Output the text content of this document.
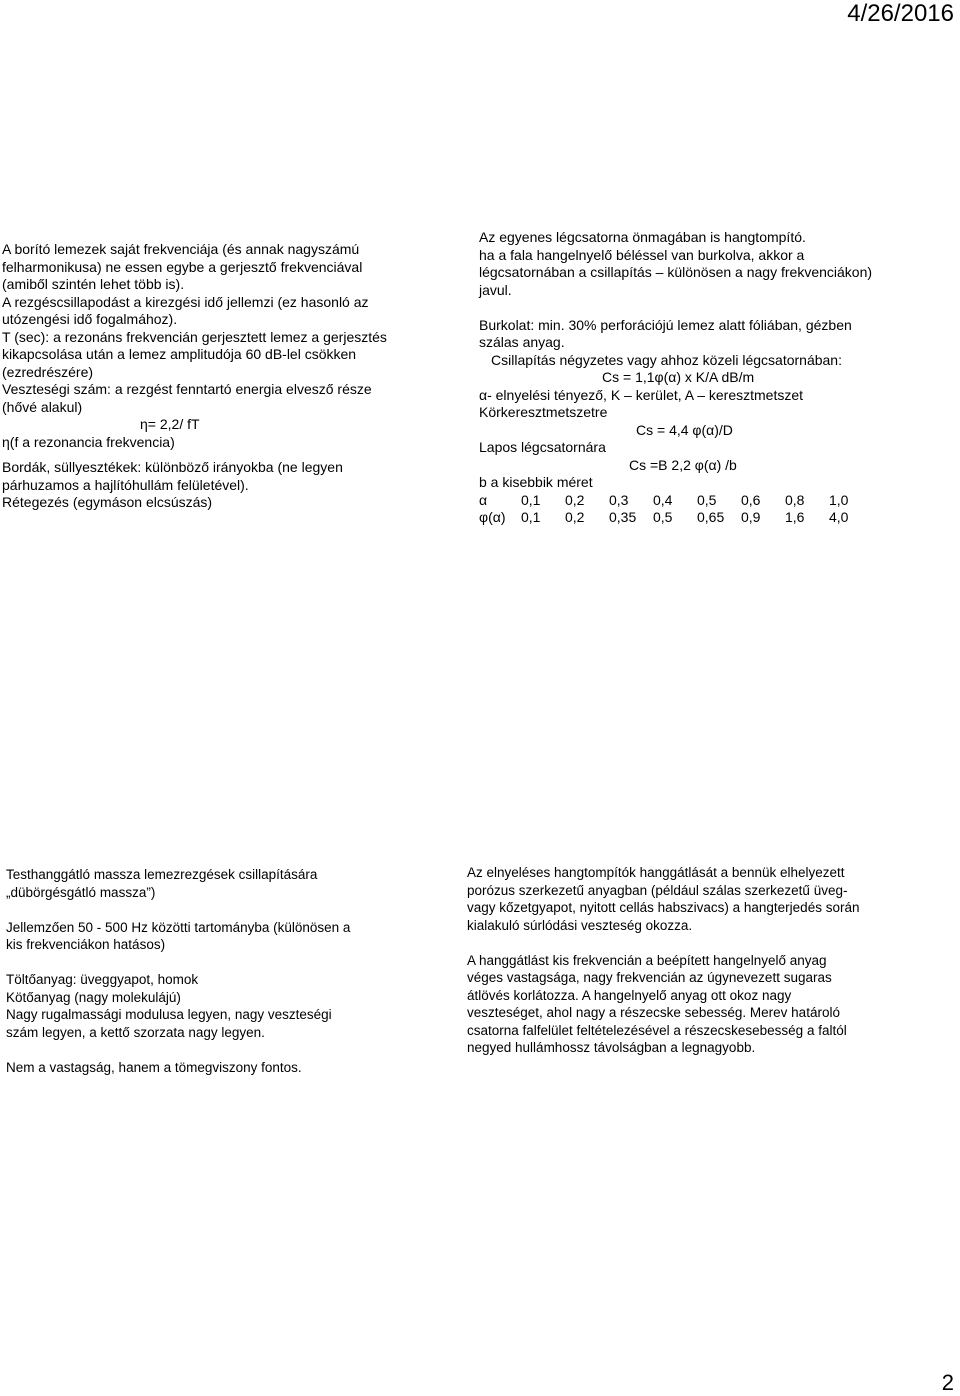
4/26/2016
A borító lemezek saját frekvenciája (és annak nagyszámú
felharmonikusa) ne essen egybe a gerjesztő frekvenciával
(amiből szintén lehet több is).
A rezgéscsillapodást a kirezgési idő jellemzi (ez hasonló az
utózengési idő fogalmához).
T (sec): a rezonáns frekvencián gerjesztett lemez a gerjesztés
kikapcsolása után a lemez amplitudója 60 dB-lel csökken
(ezredrészére)
Veszteségi szám: a rezgést fenntartó energia elvesző része
(hővé alakul)
η= 2,2/ fT
η(f a rezonancia frekvencia)
Bordák, süllyesztékek: különböző irányokba (ne legyen
párhuzamos a hajlítóhullám felületével).
Rétegezés (egymáson elcsúszás)
Az egyenes légcsatorna önmagában is hangtompító.
ha a fala hangelnyelő béléssel van burkolva, akkor a
légcsatornában a csillapítás – különösen a nagy frekvenciákon)
javul.
Burkolat: min. 30% perforációjú lemez alatt fóliában, gézben
szálas anyag.
Csillapítás négyzetes vagy ahhoz közeli légcsatornában:
Cs = 1,1φ(α) x K/A dB/m
α- elnyelési tényező, K – kerület, A – keresztmetszet
Körkeresztmetszetre
Cs = 4,4 φ(α)/D
Lapos légcsatornára
Cs =B 2,2 φ(α) /b
b a kisebbik méret
α	0,1	0,2	0,3	0,4	0,5	0,6	0,8	1,0
φ(α)	0,1	0,2	0,35	0,5	0,65	0,9	1,6	4,0
Testhanggátló massza lemezrezgések csillapítására
„dübörgésgátló massza”)
Jellemzően 50 - 500 Hz közötti tartományba (különösen a
kis frekvenciákon hatásos)
Töltőanyag: üveggyapot, homok
Kötőanyag (nagy molekulájú)
Nagy rugalmassági modulusa legyen, nagy veszteségi
szám legyen, a kettő szorzata nagy legyen.
Nem a vastagság, hanem a tömegviszony fontos.
Az elnyeléses hangtompítók hanggátlását a bennük elhelyezett
porózus szerkezetű anyagban (például szálas szerkezetű üveg-
vagy kőzetgyapot, nyitott cellás habszivacs) a hangterjedés során
kialakuló súrlódási veszteség okozza.
A hanggátlást kis frekvencián a beépített hangelnyelő anyag
véges vastagsága, nagy frekvencián az úgynevezett sugaras
átlövés korlátozza. A hangelnyelő anyag ott okoz nagy
veszteséget, ahol nagy a részecske sebesség. Merev határoló
csatorna falfelület feltételezésével a részecskesebesség a faltól
negyed hullámhossz távolságban a legnagyobb.
2
